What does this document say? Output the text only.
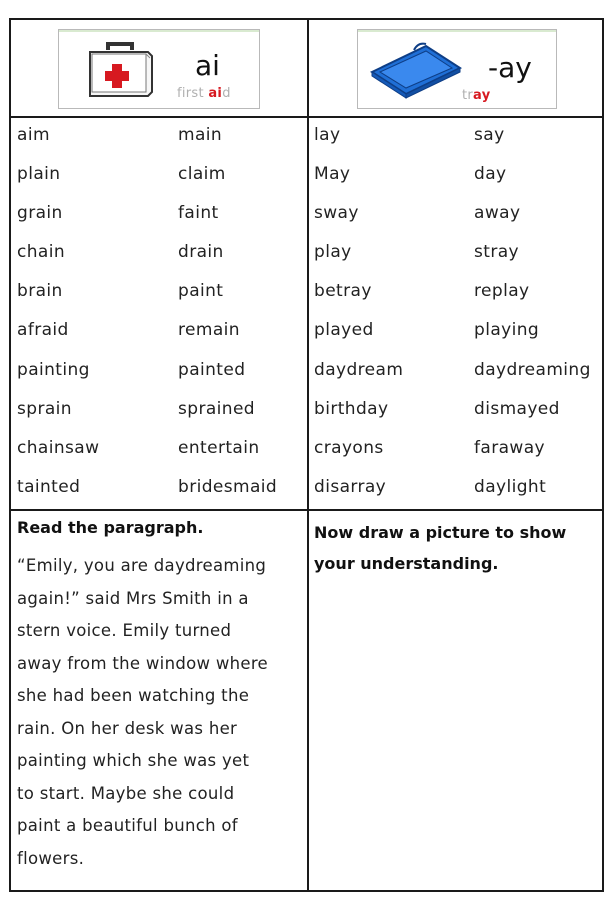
ai
first aid
-ay
tray
aim
plain
grain
chain
brain
afraid
painting
sprain
chainsaw
tainted
main
claim
faint
drain
paint
remain
painted
sprained
entertain
bridesmaid
lay
May
sway
play
betray
played
daydream
birthday
crayons
disarray
say
day
away
stray
replay
playing
daydreaming
dismayed
faraway
daylight
Read the paragraph.
“Emily, you are daydreaming
again!” said Mrs Smith in a
stern voice. Emily turned
away from the window where
she had been watching the
rain. On her desk was her
painting which she was yet
to start. Maybe she could
paint a beautiful bunch of
flowers.
Now draw a picture to show
your understanding.
